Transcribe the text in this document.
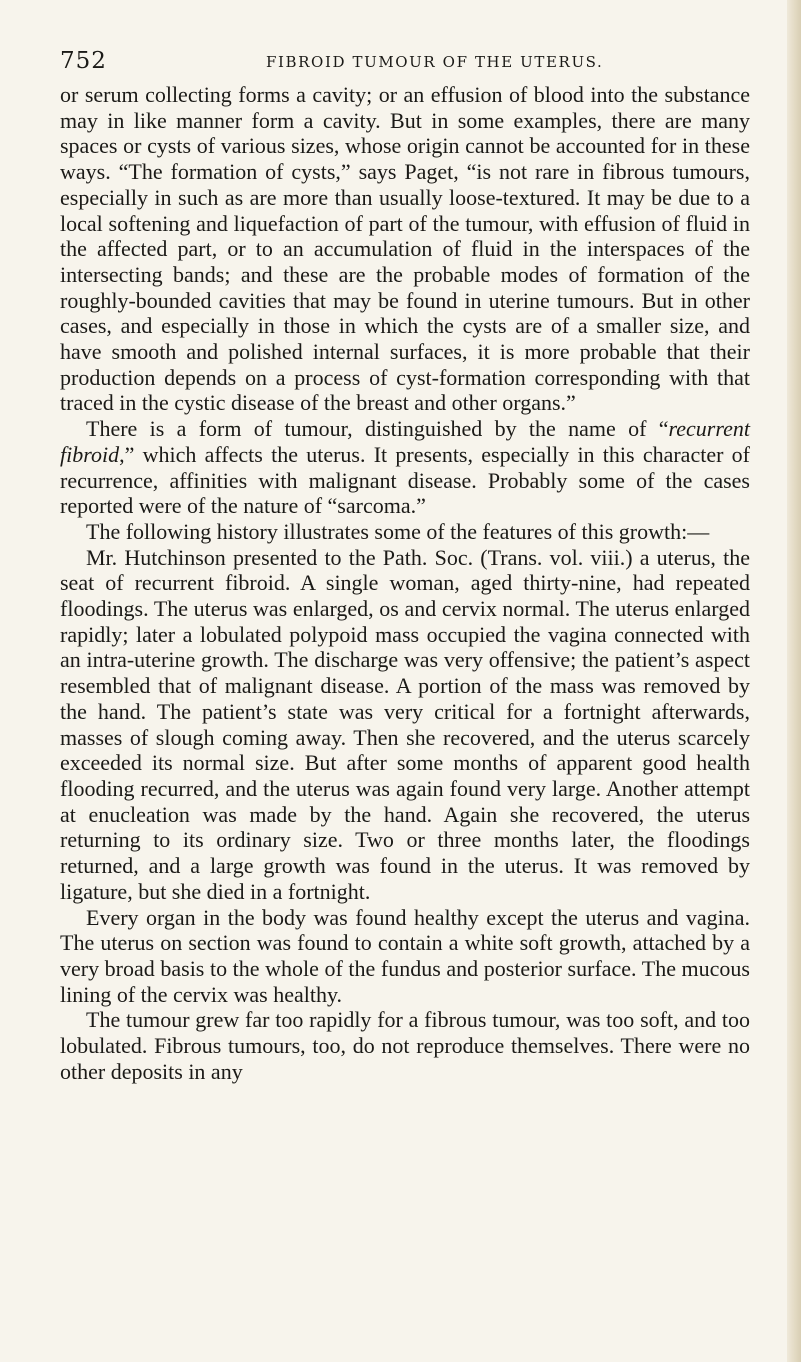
752	FIBROID TUMOUR OF THE UTERUS.

or serum collecting forms a cavity; or an effusion of blood into the substance may in like manner form a cavity. But in some examples, there are many spaces or cysts of various sizes, whose origin cannot be accounted for in these ways. “The formation of cysts,” says Paget, “is not rare in fibrous tumours, especially in such as are more than usually loose-textured. It may be due to a local softening and liquefaction of part of the tumour, with effusion of fluid in the affected part, or to an accumulation of fluid in the interspaces of the intersecting bands; and these are the probable modes of formation of the roughly-bounded cavities that may be found in uterine tumours. But in other cases, and especially in those in which the cysts are of a smaller size, and have smooth and polished internal surfaces, it is more probable that their production depends on a process of cyst-formation corresponding with that traced in the cystic disease of the breast and other organs.”

There is a form of tumour, distinguished by the name of “recurrent fibroid,” which affects the uterus. It presents, especially in this character of recurrence, affinities with malignant disease. Probably some of the cases reported were of the nature of “sarcoma.”

The following history illustrates some of the features of this growth:—

Mr. Hutchinson presented to the Path. Soc. (Trans. vol. viii.) a uterus, the seat of recurrent fibroid. A single woman, aged thirty-nine, had repeated floodings. The uterus was enlarged, os and cervix normal. The uterus enlarged rapidly; later a lobulated polypoid mass occupied the vagina connected with an intra-uterine growth. The discharge was very offensive; the patient’s aspect resembled that of malignant disease. A portion of the mass was removed by the hand. The patient’s state was very critical for a fortnight afterwards, masses of slough coming away. Then she recovered, and the uterus scarcely exceeded its normal size. But after some months of apparent good health flooding recurred, and the uterus was again found very large. Another attempt at enucleation was made by the hand. Again she recovered, the uterus returning to its ordinary size. Two or three months later, the floodings returned, and a large growth was found in the uterus. It was removed by ligature, but she died in a fortnight.

Every organ in the body was found healthy except the uterus and vagina. The uterus on section was found to contain a white soft growth, attached by a very broad basis to the whole of the fundus and posterior surface. The mucous lining of the cervix was healthy.

The tumour grew far too rapidly for a fibrous tumour, was too soft, and too lobulated. Fibrous tumours, too, do not reproduce themselves. There were no other deposits in any
